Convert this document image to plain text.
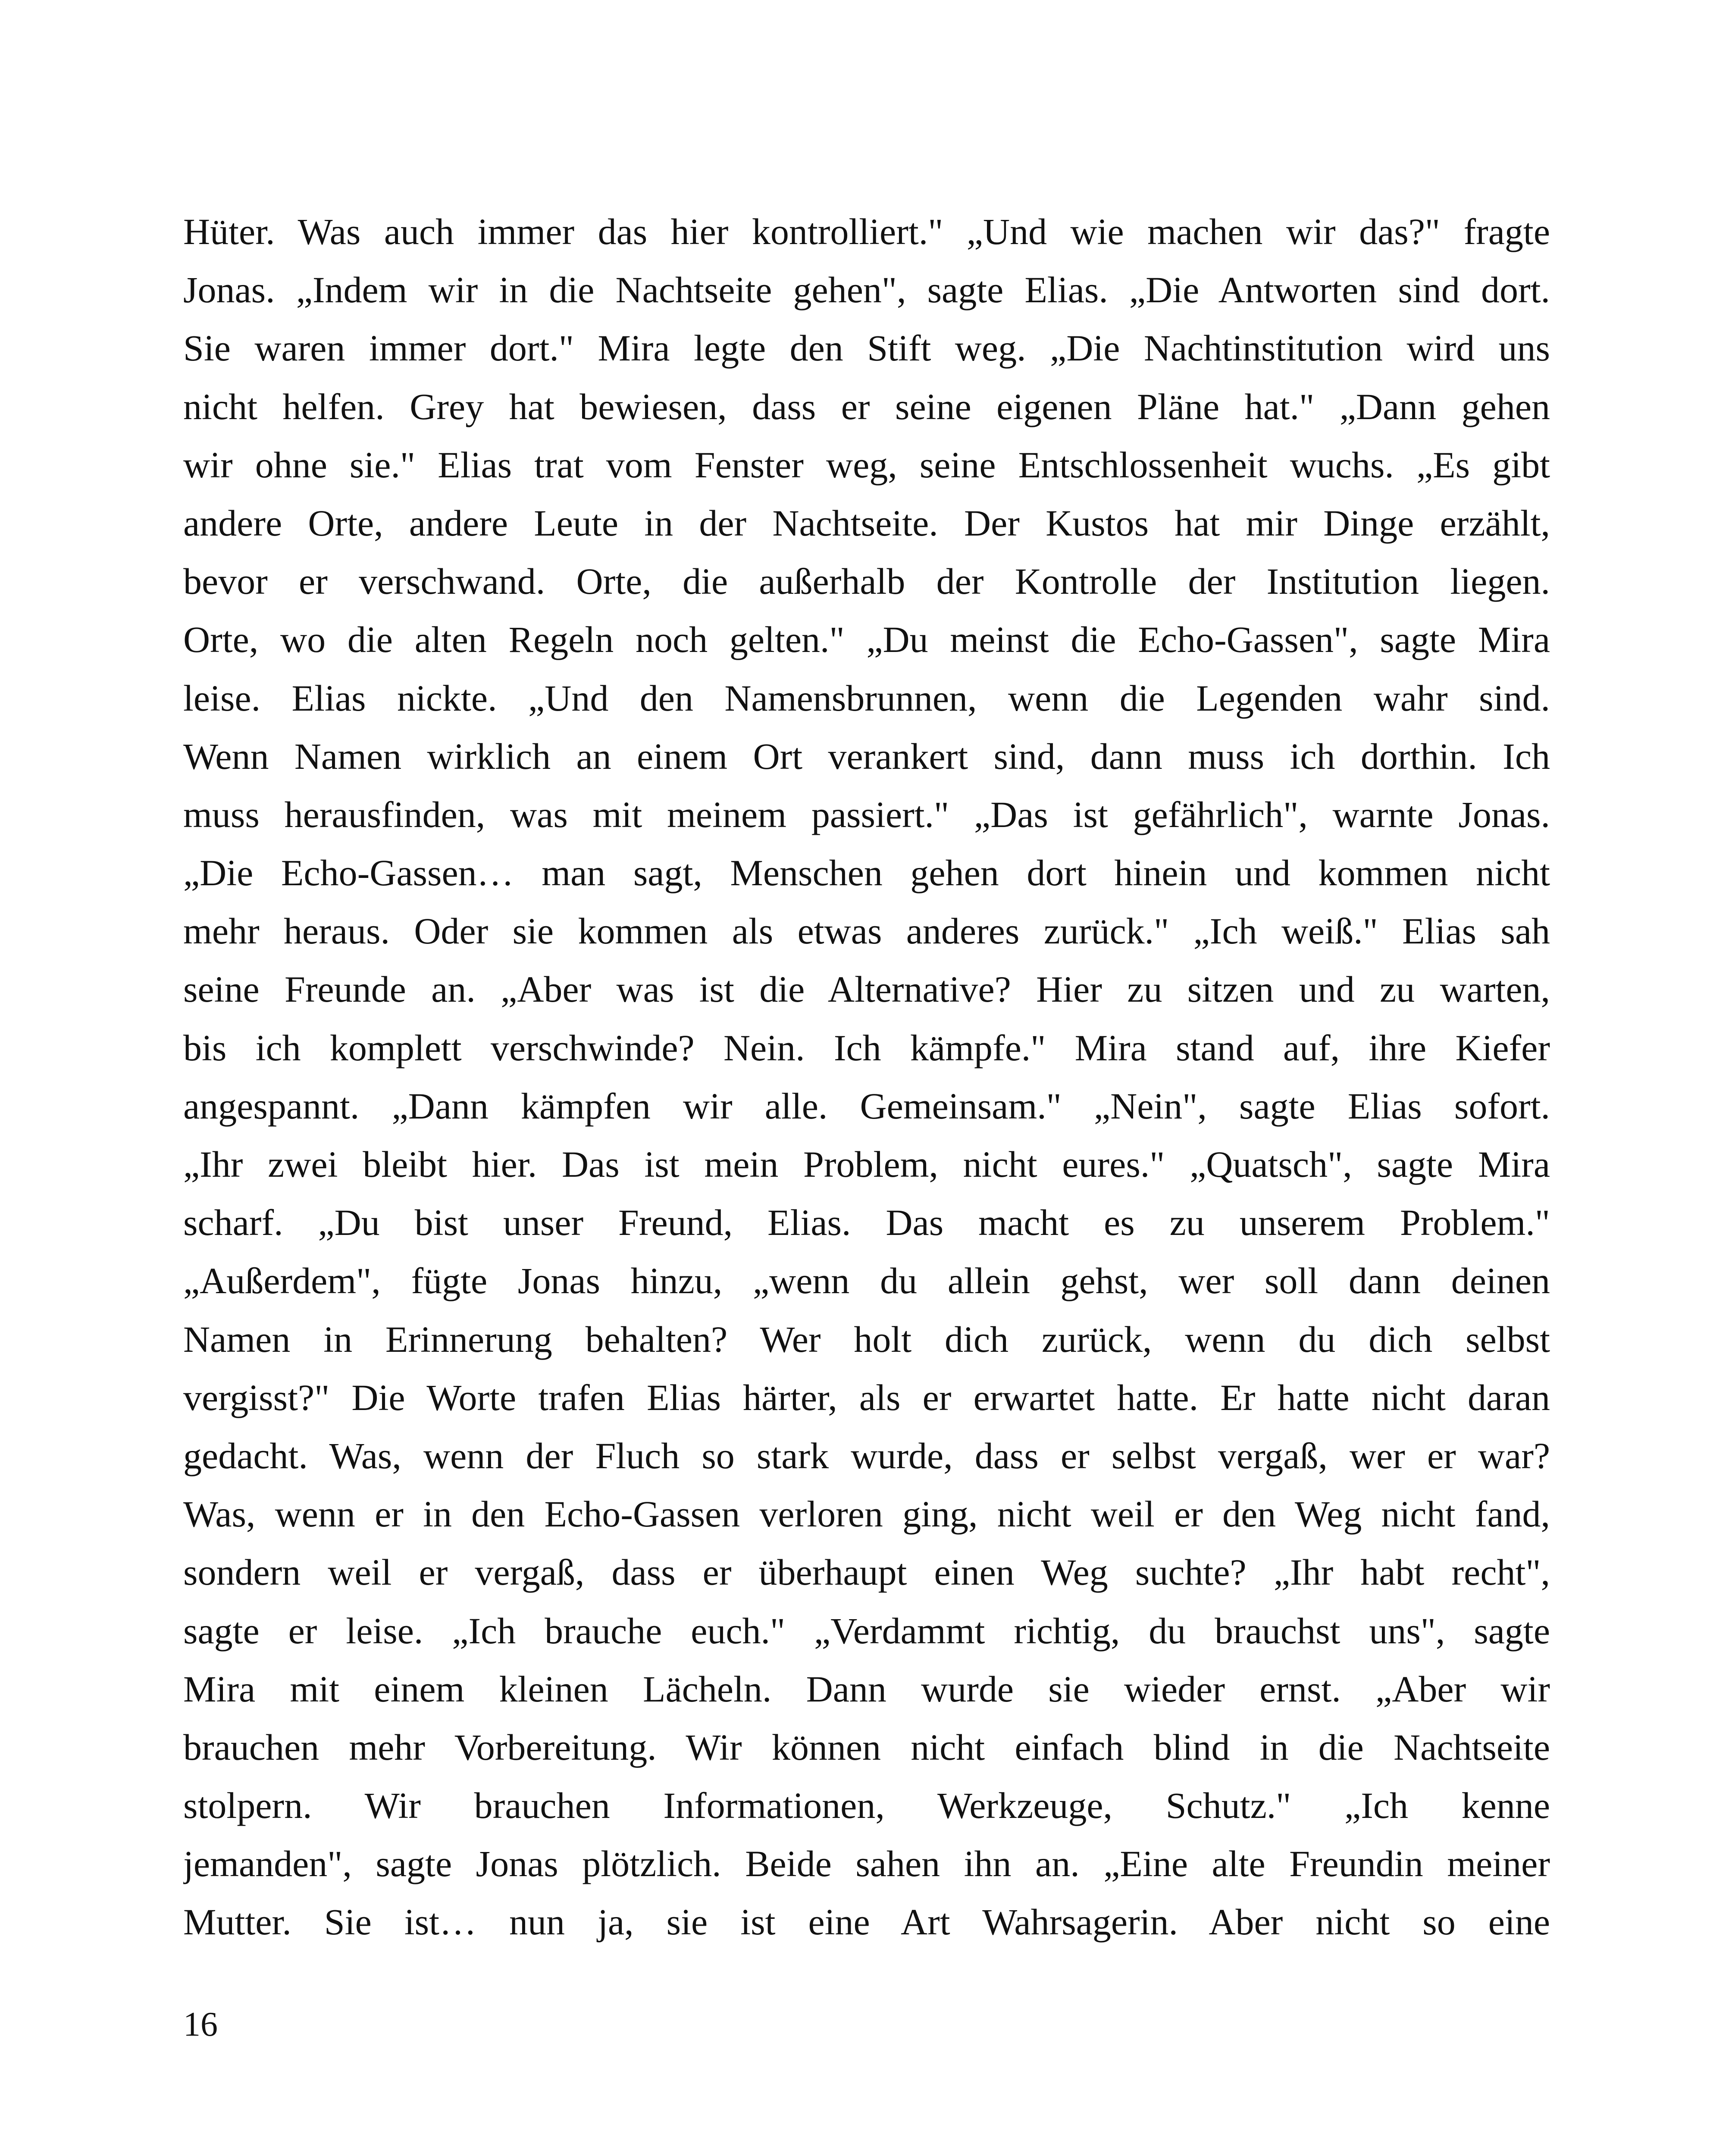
Hüter. Was auch immer das hier kontrolliert." „Und wie machen wir das?" fragte
Jonas. „Indem wir in die Nachtseite gehen", sagte Elias. „Die Antworten sind dort.
Sie waren immer dort." Mira legte den Stift weg. „Die Nachtinstitution wird uns
nicht helfen. Grey hat bewiesen, dass er seine eigenen Pläne hat." „Dann gehen
wir ohne sie." Elias trat vom Fenster weg, seine Entschlossenheit wuchs. „Es gibt
andere Orte, andere Leute in der Nachtseite. Der Kustos hat mir Dinge erzählt,
bevor er verschwand. Orte, die außerhalb der Kontrolle der Institution liegen.
Orte, wo die alten Regeln noch gelten." „Du meinst die Echo-Gassen", sagte Mira
leise. Elias nickte. „Und den Namensbrunnen, wenn die Legenden wahr sind.
Wenn Namen wirklich an einem Ort verankert sind, dann muss ich dorthin. Ich
muss herausfinden, was mit meinem passiert." „Das ist gefährlich", warnte Jonas.
„Die Echo-Gassen… man sagt, Menschen gehen dort hinein und kommen nicht
mehr heraus. Oder sie kommen als etwas anderes zurück." „Ich weiß." Elias sah
seine Freunde an. „Aber was ist die Alternative? Hier zu sitzen und zu warten,
bis ich komplett verschwinde? Nein. Ich kämpfe." Mira stand auf, ihre Kiefer
angespannt. „Dann kämpfen wir alle. Gemeinsam." „Nein", sagte Elias sofort.
„Ihr zwei bleibt hier. Das ist mein Problem, nicht eures." „Quatsch", sagte Mira
scharf. „Du bist unser Freund, Elias. Das macht es zu unserem Problem."
„Außerdem", fügte Jonas hinzu, „wenn du allein gehst, wer soll dann deinen
Namen in Erinnerung behalten? Wer holt dich zurück, wenn du dich selbst
vergisst?" Die Worte trafen Elias härter, als er erwartet hatte. Er hatte nicht daran
gedacht. Was, wenn der Fluch so stark wurde, dass er selbst vergaß, wer er war?
Was, wenn er in den Echo-Gassen verloren ging, nicht weil er den Weg nicht fand,
sondern weil er vergaß, dass er überhaupt einen Weg suchte? „Ihr habt recht",
sagte er leise. „Ich brauche euch." „Verdammt richtig, du brauchst uns", sagte
Mira mit einem kleinen Lächeln. Dann wurde sie wieder ernst. „Aber wir
brauchen mehr Vorbereitung. Wir können nicht einfach blind in die Nachtseite
stolpern. Wir brauchen Informationen, Werkzeuge, Schutz." „Ich kenne
jemanden", sagte Jonas plötzlich. Beide sahen ihn an. „Eine alte Freundin meiner
Mutter. Sie ist… nun ja, sie ist eine Art Wahrsagerin. Aber nicht so eine
16
